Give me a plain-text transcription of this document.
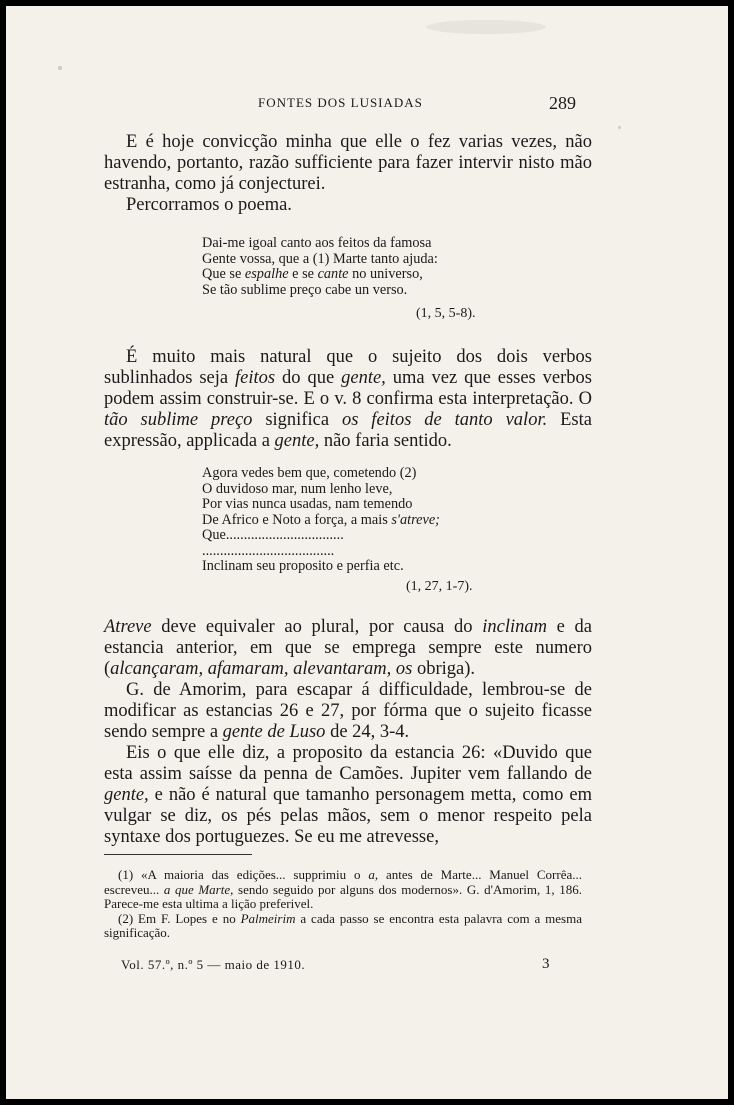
FONTES DOS LUSIADAS	289

E é hoje convicção minha que elle o fez varias vezes, não havendo, portanto, razão sufficiente para fazer intervir nisto mão estranha, como já conjecturei.

Percorramos o poema.

Dai-me igoal canto aos feitos da famosa
Gente vossa, que a (1) Marte tanto ajuda:
Que se espalhe e se cante no universo,
Se tão sublime preço cabe un verso.
(1, 5, 5-8).

É muito mais natural que o sujeito dos dois verbos sublinhados seja feitos do que gente, uma vez que esses verbos podem assim construir-se. E o v. 8 confirma esta interpretação. O tão sublime preço significa os feitos de tanto valor. Esta expressão, applicada a gente, não faria sentido.

Agora vedes bem que, cometendo (2)
O duvidoso mar, num lenho leve,
Por vias nunca usadas, nam temendo
De Africo e Noto a força, a mais s'atreve;
Que.................................
.....................................
Inclinam seu proposito e perfia etc.
(1, 27, 1-7).

Atreve deve equivaler ao plural, por causa do inclinam e da estancia anterior, em que se emprega sempre este numero (alcançaram, afamaram, alevantaram, os obriga).

G. de Amorim, para escapar á difficuldade, lembrou-se de modificar as estancias 26 e 27, por fórma que o sujeito ficasse sendo sempre a gente de Luso de 24, 3-4.

Eis o que elle diz, a proposito da estancia 26: «Duvido que esta assim saísse da penna de Camões. Jupiter vem fallando de gente, e não é natural que tamanho personagem metta, como em vulgar se diz, os pés pelas mãos, sem o menor respeito pela syntaxe dos portuguezes. Se eu me atrevesse,

(1) «A maioria das edições... supprimiu o a, antes de Marte... Manuel Corrêa... escreveu... a que Marte, sendo seguido por alguns dos modernos». G. d'Amorim, 1, 186. Parece-me esta ultima a lição preferivel.

(2) Em F. Lopes e no Palmeirim a cada passo se encontra esta palavra com a mesma significação.

Vol. 57.º, n.º 5 — maio de 1910.	3
